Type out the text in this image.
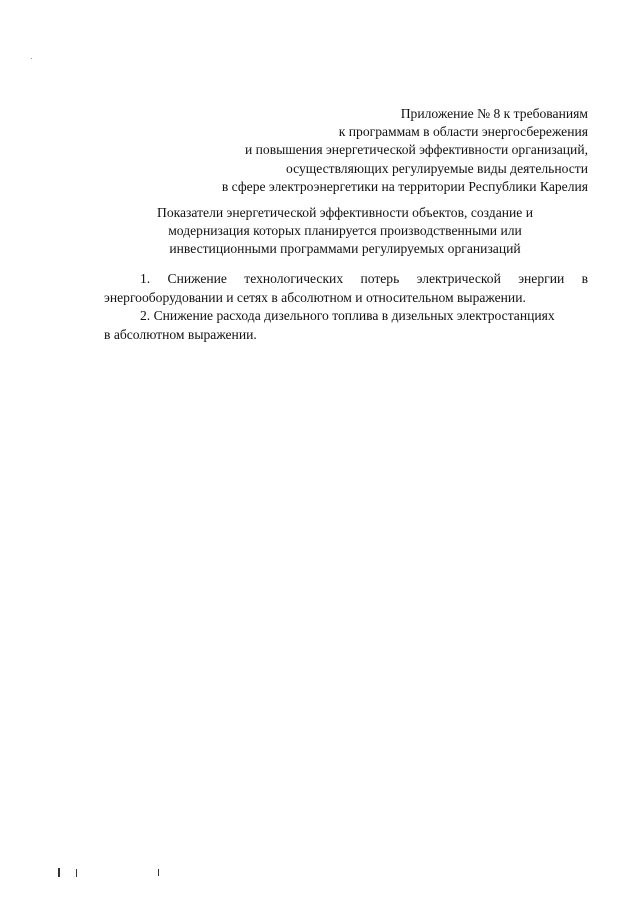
Приложение № 8 к требованиям
к программам в области энергосбережения
и повышения энергетической эффективности организаций,
осуществляющих регулируемые виды деятельности
в сфере электроэнергетики на территории Республики Карелия
Показатели энергетической эффективности объектов, создание и
модернизация которых планируется производственными или
инвестиционными программами регулируемых организаций
1. Снижение технологических потерь электрической энергии в
энергооборудовании и сетях в абсолютном и относительном выражении.
2. Снижение расхода дизельного топлива в дизельных электростанциях
в абсолютном выражении.
